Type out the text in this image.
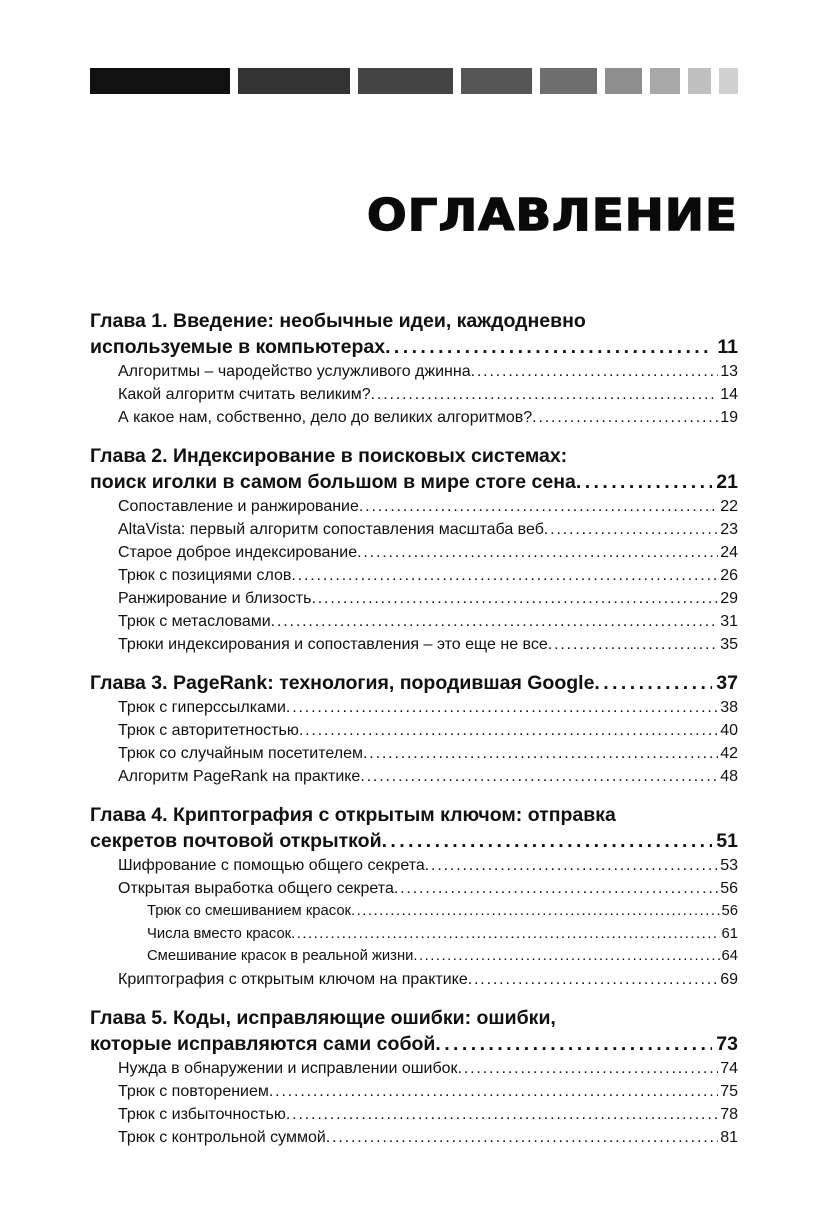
ОГЛАВЛЕНИЕ
Глава 1. Введение: необычные идеи, каждодневно
используемые в компьютерах . . .	11
Алгоритмы – чародейство услужливого джинна . . .	13
Какой алгоритм считать великим? . . .	14
А какое нам, собственно, дело до великих алгоритмов? . . .	19
Глава 2. Индексирование в поисковых системах:
поиск иголки в самом большом в мире стоге сена . . .	21
Сопоставление и ранжирование . . .	22
AltaVista: первый алгоритм сопоставления масштаба веб . . .	23
Старое доброе индексирование . . .	24
Трюк с позициями слов . . .	26
Ранжирование и близость . . .	29
Трюк с метасловами . . .	31
Трюки индексирования и сопоставления – это еще не все . . .	35
Глава 3. PageRank: технология, породившая Google . . .	37
Трюк с гиперссылками . . .	38
Трюк с авторитетностью . . .	40
Трюк со случайным посетителем . . .	42
Алгоритм PageRank на практике . . .	48
Глава 4. Криптография с открытым ключом: отправка
секретов почтовой открыткой . . .	51
Шифрование с помощью общего секрета . . .	53
Открытая выработка общего секрета . . .	56
Трюк со смешиванием красок . . .	56
Числа вместо красок . . .	61
Смешивание красок в реальной жизни . . .	64
Криптография с открытым ключом на практике . . .	69
Глава 5. Коды, исправляющие ошибки: ошибки,
которые исправляются сами собой . . .	73
Нужда в обнаружении и исправлении ошибок . . .	74
Трюк с повторением . . .	75
Трюк с избыточностью . . .	78
Трюк с контрольной суммой . . .	81
